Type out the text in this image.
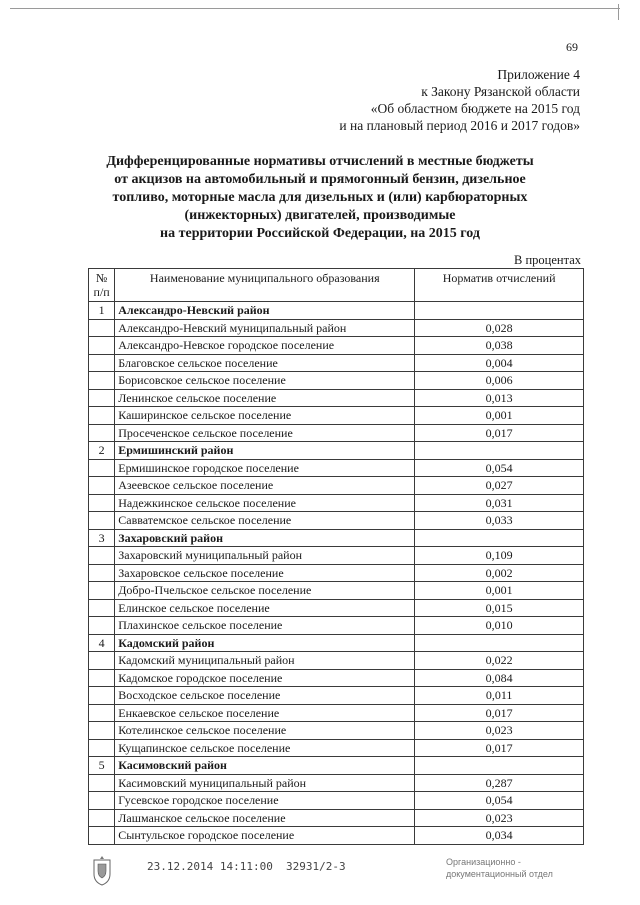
69
Приложение 4
к Закону Рязанской области
«Об областном бюджете на 2015 год
и на плановый период 2016 и 2017 годов»
Дифференцированные нормативы отчислений в местные бюджеты
от акцизов на автомобильный и прямогонный бензин, дизельное
топливо, моторные масла для дизельных и (или) карбюраторных
(инжекторных) двигателей, производимые
на территории Российской Федерации, на 2015 год
В процентах
№ п/п	Наименование муниципального образования	Норматив отчислений
1	Александро-Невский район	
	Александро-Невский муниципальный район	0,028
	Александро-Невское городское поселение	0,038
	Благовское сельское поселение	0,004
	Борисовское сельское поселение	0,006
	Ленинское сельское поселение	0,013
	Каширинское сельское поселение	0,001
	Просеченское сельское поселение	0,017
2	Ермишинский район	
	Ермишинское городское поселение	0,054
	Азеевское сельское поселение	0,027
	Надежкинское сельское поселение	0,031
	Савватемское сельское поселение	0,033
3	Захаровский район	
	Захаровский муниципальный район	0,109
	Захаровское сельское поселение	0,002
	Добро-Пчельское сельское поселение	0,001
	Елинское сельское поселение	0,015
	Плахинское сельское поселение	0,010
4	Кадомский район	
	Кадомский муниципальный район	0,022
	Кадомское городское поселение	0,084
	Восходское сельское поселение	0,011
	Енкаевское сельское поселение	0,017
	Котелинское сельское поселение	0,023
	Кущапинское сельское поселение	0,017
5	Касимовский район	
	Касимовский муниципальный район	0,287
	Гусевское городское поселение	0,054
	Лашманское сельское поселение	0,023
	Сынтульское городское поселение	0,034
23.12.2014 14:11:00 32931/2-3	Организационно -
документационный отдел
